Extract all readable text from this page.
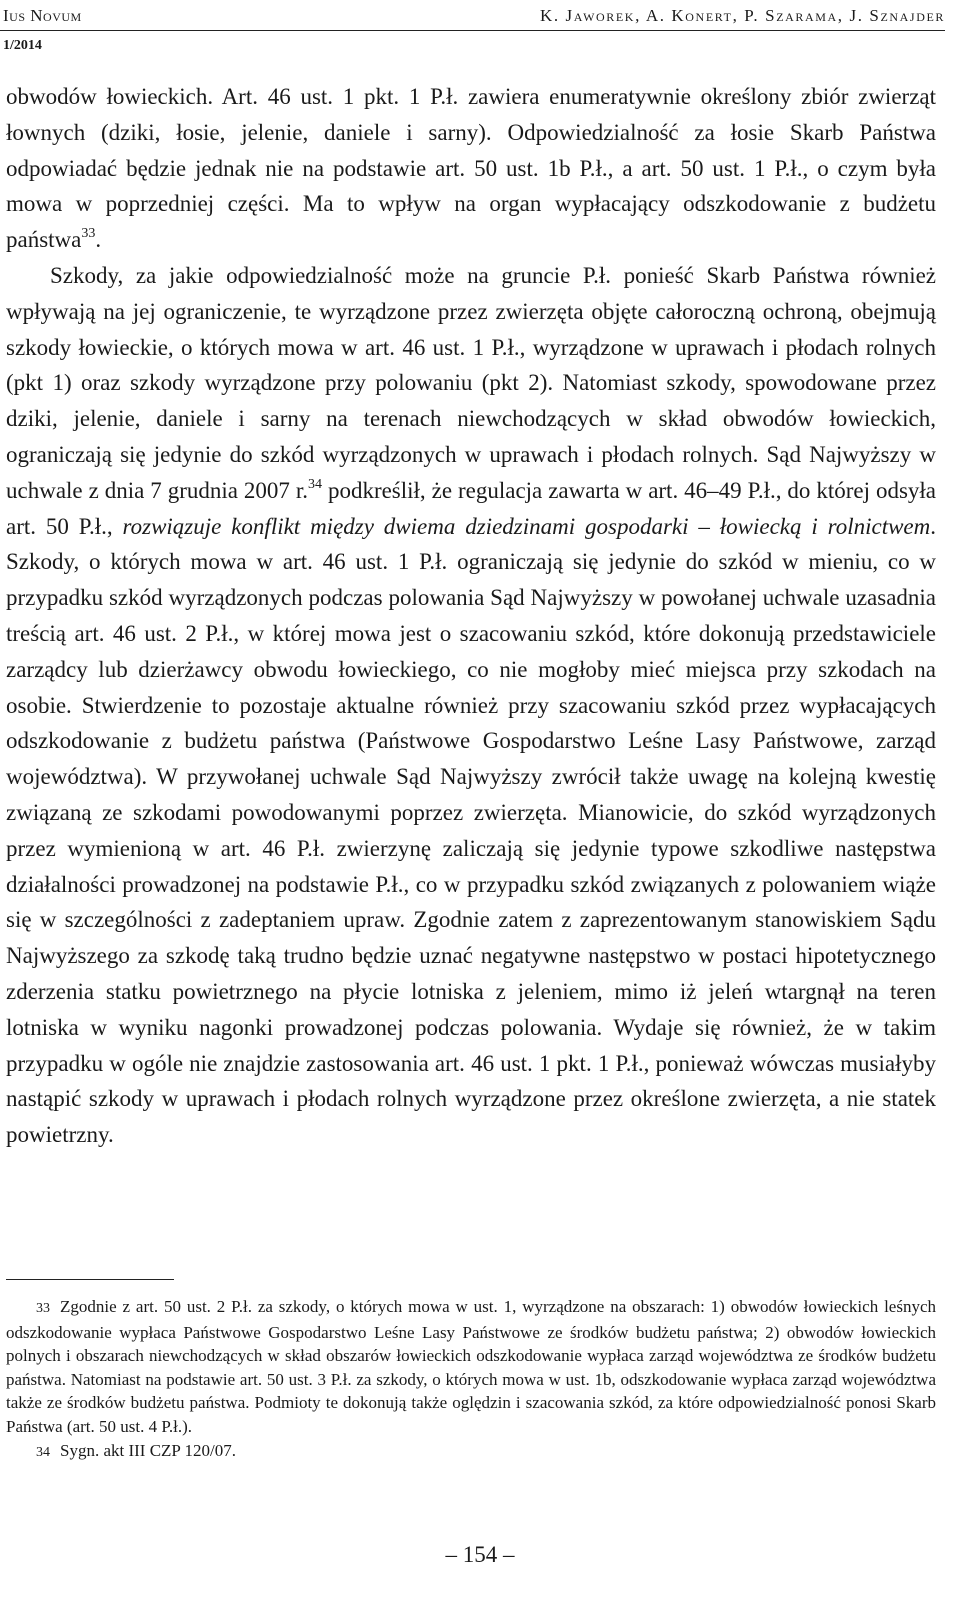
Ius Novum	K. Jaworek, A. Konert, P. Szarama, J. Sznajder
1/2014

obwodów łowieckich. Art. 46 ust. 1 pkt. 1 P.ł. zawiera enumeratywnie określony zbiór zwierząt łownych (dziki, łosie, jelenie, daniele i sarny). Odpowiedzialność za łosie Skarb Państwa odpowiadać będzie jednak nie na podstawie art. 50 ust. 1b P.ł., a art. 50 ust. 1 P.ł., o czym była mowa w poprzedniej części. Ma to wpływ na organ wypłacający odszkodowanie z budżetu państwa$^{33}$.

Szkody, za jakie odpowiedzialność może na gruncie P.ł. ponieść Skarb Państwa również wpływają na jej ograniczenie, te wyrządzone przez zwierzęta objęte całoroczną ochroną, obejmują szkody łowieckie, o których mowa w art. 46 ust. 1 P.ł., wyrządzone w uprawach i płodach rolnych (pkt 1) oraz szkody wyrządzone przy polowaniu (pkt 2). Natomiast szkody, spowodowane przez dziki, jelenie, daniele i sarny na terenach niewchodzących w skład obwodów łowieckich, ograniczają się jedynie do szkód wyrządzonych w uprawach i płodach rolnych. Sąd Najwyższy w uchwale z dnia 7 grudnia 2007 r.$^{34}$ podkreślił, że regulacja zawarta w art. 46–49 P.ł., do której odsyła art. 50 P.ł., rozwiązuje konflikt między dwiema dziedzinami gospodarki – łowiecką i rolnictwem. Szkody, o których mowa w art. 46 ust. 1 P.ł. ograniczają się jedynie do szkód w mieniu, co w przypadku szkód wyrządzonych podczas polowania Sąd Najwyższy w powołanej uchwale uzasadnia treścią art. 46 ust. 2 P.ł., w której mowa jest o szacowaniu szkód, które dokonują przedstawiciele zarządcy lub dzierżawcy obwodu łowieckiego, co nie mogłoby mieć miejsca przy szkodach na osobie. Stwierdzenie to pozostaje aktualne również przy szacowaniu szkód przez wypłacających odszkodowanie z budżetu państwa (Państwowe Gospodarstwo Leśne Lasy Państwowe, zarząd województwa). W przywołanej uchwale Sąd Najwyższy zwrócił także uwagę na kolejną kwestię związaną ze szkodami powodowanymi poprzez zwierzęta. Mianowicie, do szkód wyrządzonych przez wymienioną w art. 46 P.ł. zwierzynę zaliczają się jedynie typowe szkodliwe następstwa działalności prowadzonej na podstawie P.ł., co w przypadku szkód związanych z polowaniem wiąże się w szczególności z zadeptaniem upraw. Zgodnie zatem z zaprezentowanym stanowiskiem Sądu Najwyższego za szkodę taką trudno będzie uznać negatywne następstwo w postaci hipotetycznego zderzenia statku powietrznego na płycie lotniska z jeleniem, mimo iż jeleń wtargnął na teren lotniska w wyniku nagonki prowadzonej podczas polowania. Wydaje się również, że w takim przypadku w ogóle nie znajdzie zastosowania art. 46 ust. 1 pkt. 1 P.ł., ponieważ wówczas musiałyby nastąpić szkody w uprawach i płodach rolnych wyrządzone przez określone zwierzęta, a nie statek powietrzny.

33 Zgodnie z art. 50 ust. 2 P.ł. za szkody, o których mowa w ust. 1, wyrządzone na obszarach: 1) obwodów łowieckich leśnych odszkodowanie wypłaca Państwowe Gospodarstwo Leśne Lasy Państwowe ze środków budżetu państwa; 2) obwodów łowieckich polnych i obszarach niewchodzących w skład obszarów łowieckich odszkodowanie wypłaca zarząd województwa ze środków budżetu państwa. Natomiast na podstawie art. 50 ust. 3 P.ł. za szkody, o których mowa w ust. 1b, odszkodowanie wypłaca zarząd województwa także ze środków budżetu państwa. Podmioty te dokonują także oględzin i szacowania szkód, za które odpowiedzialność ponosi Skarb Państwa (art. 50 ust. 4 P.ł.).

34 Sygn. akt III CZP 120/07.

– 154 –
